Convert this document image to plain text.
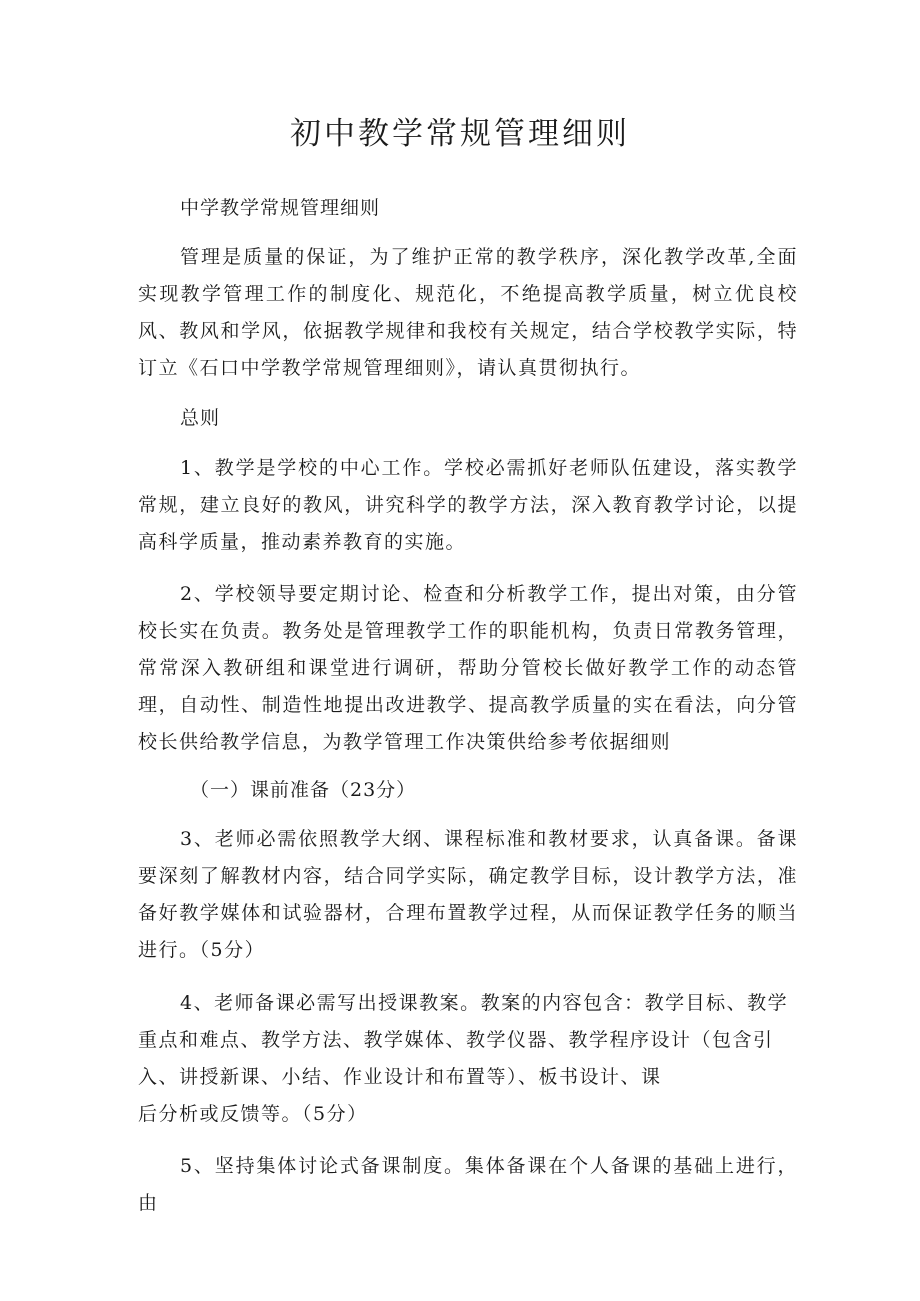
初中教学常规管理细则
中学教学常规管理细则
管理是质量的保证，为了维护正常的教学秩序，深化教学改革,全面实现教学管理工作的制度化、规范化，不绝提高教学质量，树立优良校风、教风和学风，依据教学规律和我校有关规定，结合学校教学实际，特订立《石口中学教学常规管理细则》，请认真贯彻执行。
总则
1、教学是学校的中心工作。学校必需抓好老师队伍建设，落实教学常规，建立良好的教风，讲究科学的教学方法，深入教育教学讨论，以提高科学质量，推动素养教育的实施。
2、学校领导要定期讨论、检查和分析教学工作，提出对策，由分管校长实在负责。教务处是管理教学工作的职能机构，负责日常教务管理，常常深入教研组和课堂进行调研，帮助分管校长做好教学工作的动态管理，自动性、制造性地提出改进教学、提高教学质量的实在看法，向分管校长供给教学信息，为教学管理工作决策供给参考依据细则
（一）课前准备（23分）
3、老师必需依照教学大纲、课程标准和教材要求，认真备课。备课要深刻了解教材内容，结合同学实际，确定教学目标，设计教学方法，准备好教学媒体和试验器材，合理布置教学过程，从而保证教学任务的顺当进行。（5分）
4、老师备课必需写出授课教案。教案的内容包含：教学目标、教学
重点和难点、教学方法、教学媒体、教学仪器、教学程序设计（包含引
入、讲授新课、小结、作业设计和布置等）、板书设计、课
后分析或反馈等。（5分）
5、坚持集体讨论式备课制度。集体备课在个人备课的基础上进行，由
